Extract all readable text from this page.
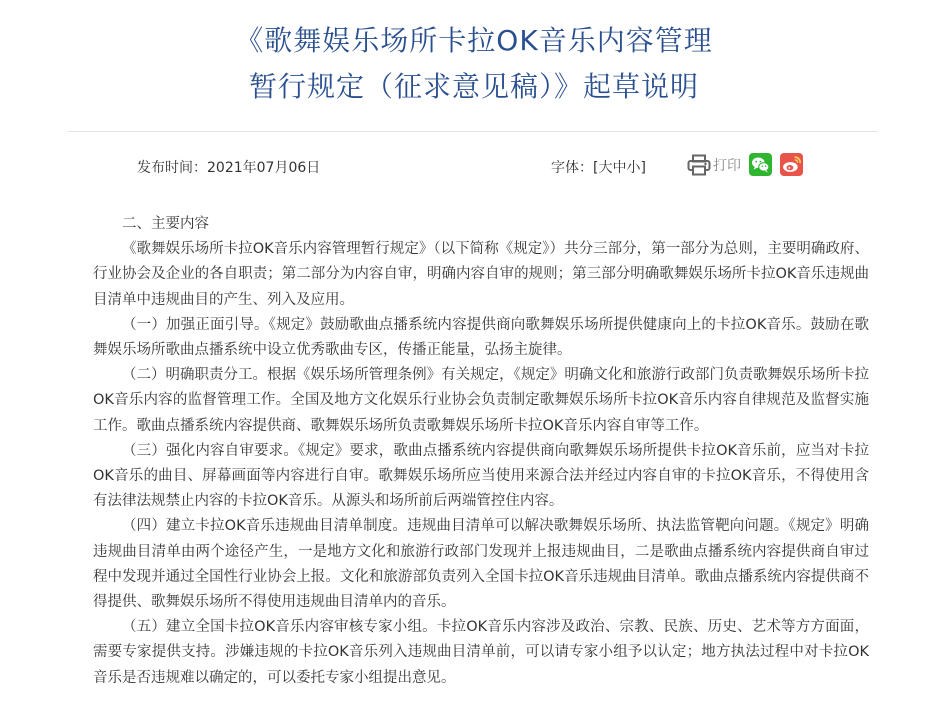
《歌舞娱乐场所卡拉OK音乐内容管理
暂行规定（征求意见稿）》起草说明
发布时间：2021年07月06日	字体：[大中小]	打印

二、主要内容

《歌舞娱乐场所卡拉OK音乐内容管理暂行规定》（以下简称《规定》）共分三部分，第一部分为总则，主要明确政府、行业协会及企业的各自职责；第二部分为内容自审，明确内容自审的规则；第三部分明确歌舞娱乐场所卡拉OK音乐违规曲目清单中违规曲目的产生、列入及应用。

（一）加强正面引导。《规定》鼓励歌曲点播系统内容提供商向歌舞娱乐场所提供健康向上的卡拉OK音乐。鼓励在歌舞娱乐场所歌曲点播系统中设立优秀歌曲专区，传播正能量，弘扬主旋律。

（二）明确职责分工。根据《娱乐场所管理条例》有关规定，《规定》明确文化和旅游行政部门负责歌舞娱乐场所卡拉OK音乐内容的监督管理工作。全国及地方文化娱乐行业协会负责制定歌舞娱乐场所卡拉OK音乐内容自律规范及监督实施工作。歌曲点播系统内容提供商、歌舞娱乐场所负责歌舞娱乐场所卡拉OK音乐内容自审等工作。

（三）强化内容自审要求。《规定》要求，歌曲点播系统内容提供商向歌舞娱乐场所提供卡拉OK音乐前，应当对卡拉OK音乐的曲目、屏幕画面等内容进行自审。歌舞娱乐场所应当使用来源合法并经过内容自审的卡拉OK音乐，不得使用含有法律法规禁止内容的卡拉OK音乐。从源头和场所前后两端管控住内容。

（四）建立卡拉OK音乐违规曲目清单制度。违规曲目清单可以解决歌舞娱乐场所、执法监管靶向问题。《规定》明确违规曲目清单由两个途径产生，一是地方文化和旅游行政部门发现并上报违规曲目，二是歌曲点播系统内容提供商自审过程中发现并通过全国性行业协会上报。文化和旅游部负责列入全国卡拉OK音乐违规曲目清单。歌曲点播系统内容提供商不得提供、歌舞娱乐场所不得使用违规曲目清单内的音乐。

（五）建立全国卡拉OK音乐内容审核专家小组。卡拉OK音乐内容涉及政治、宗教、民族、历史、艺术等方方面面，需要专家提供支持。涉嫌违规的卡拉OK音乐列入违规曲目清单前，可以请专家小组予以认定；地方执法过程中对卡拉OK音乐是否违规难以确定的，可以委托专家小组提出意见。
